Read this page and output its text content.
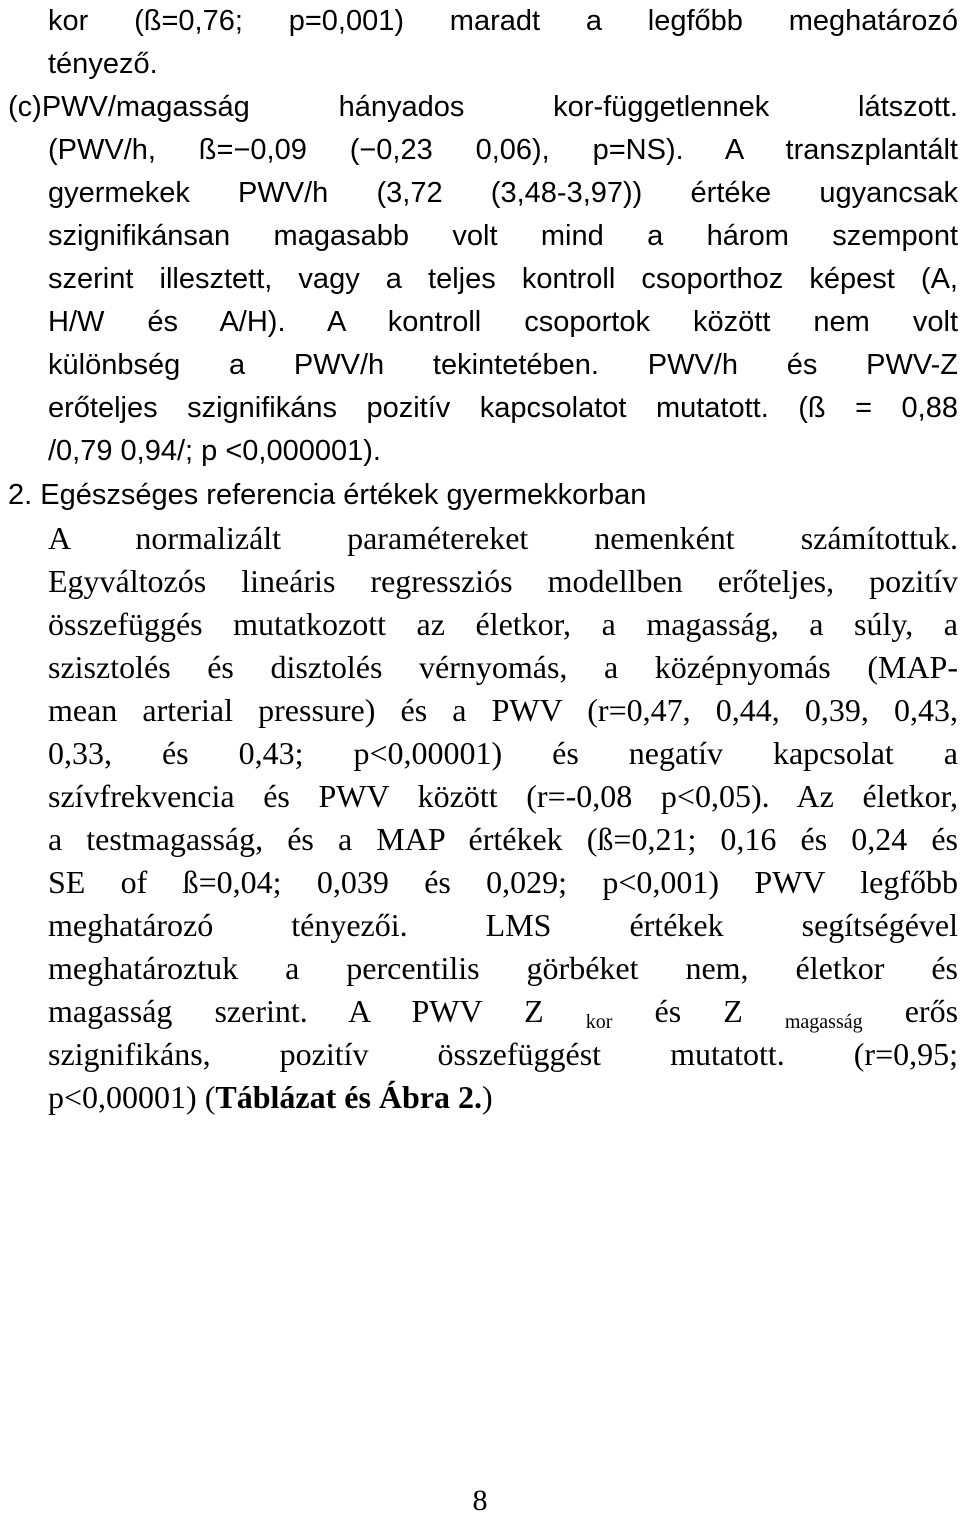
kor (ß=0,76; p=0,001) maradt a legfőbb meghatározó
tényező.
(c)PWV/magasság hányados kor-függetlennek látszott.
(PWV/h, ß=−0,09 (−0,23 0,06), p=NS). A transzplantált
gyermekek PWV/h (3,72 (3,48-3,97)) értéke ugyancsak
szignifikánsan magasabb volt mind a három szempont
szerint illesztett, vagy a teljes kontroll csoporthoz képest (A,
H/W és A/H). A kontroll csoportok között nem volt
különbség a PWV/h tekintetében. PWV/h és PWV-Z
erőteljes szignifikáns pozitív kapcsolatot mutatott. (ß = 0,88
/0,79 0,94/; p <0,000001).
2. Egészséges referencia értékek gyermekkorban
A normalizált paramétereket nemenként számítottuk.
Egyváltozós lineáris regressziós modellben erőteljes, pozitív
összefüggés mutatkozott az életkor, a magasság, a súly, a
szisztolés és disztolés vérnyomás, a középnyomás (MAP-
mean arterial pressure) és a PWV (r=0,47, 0,44, 0,39, 0,43,
0,33, és 0,43; p<0,00001) és negatív kapcsolat a
szívfrekvencia és PWV között (r=-0,08 p<0,05). Az életkor,
a testmagasság, és a MAP értékek (ß=0,21; 0,16 és 0,24 és
SE of ß=0,04; 0,039 és 0,029; p<0,001) PWV legfőbb
meghatározó tényezői. LMS értékek segítségével
meghatároztuk a percentilis görbéket nem, életkor és
magasság szerint. A PWV Z $_{kor}$ és Z $_{magasság}$ erős
szignifikáns, pozitív összefüggést mutatott. (r=0,95;
p<0,00001) (Táblázat és Ábra 2.)
8
